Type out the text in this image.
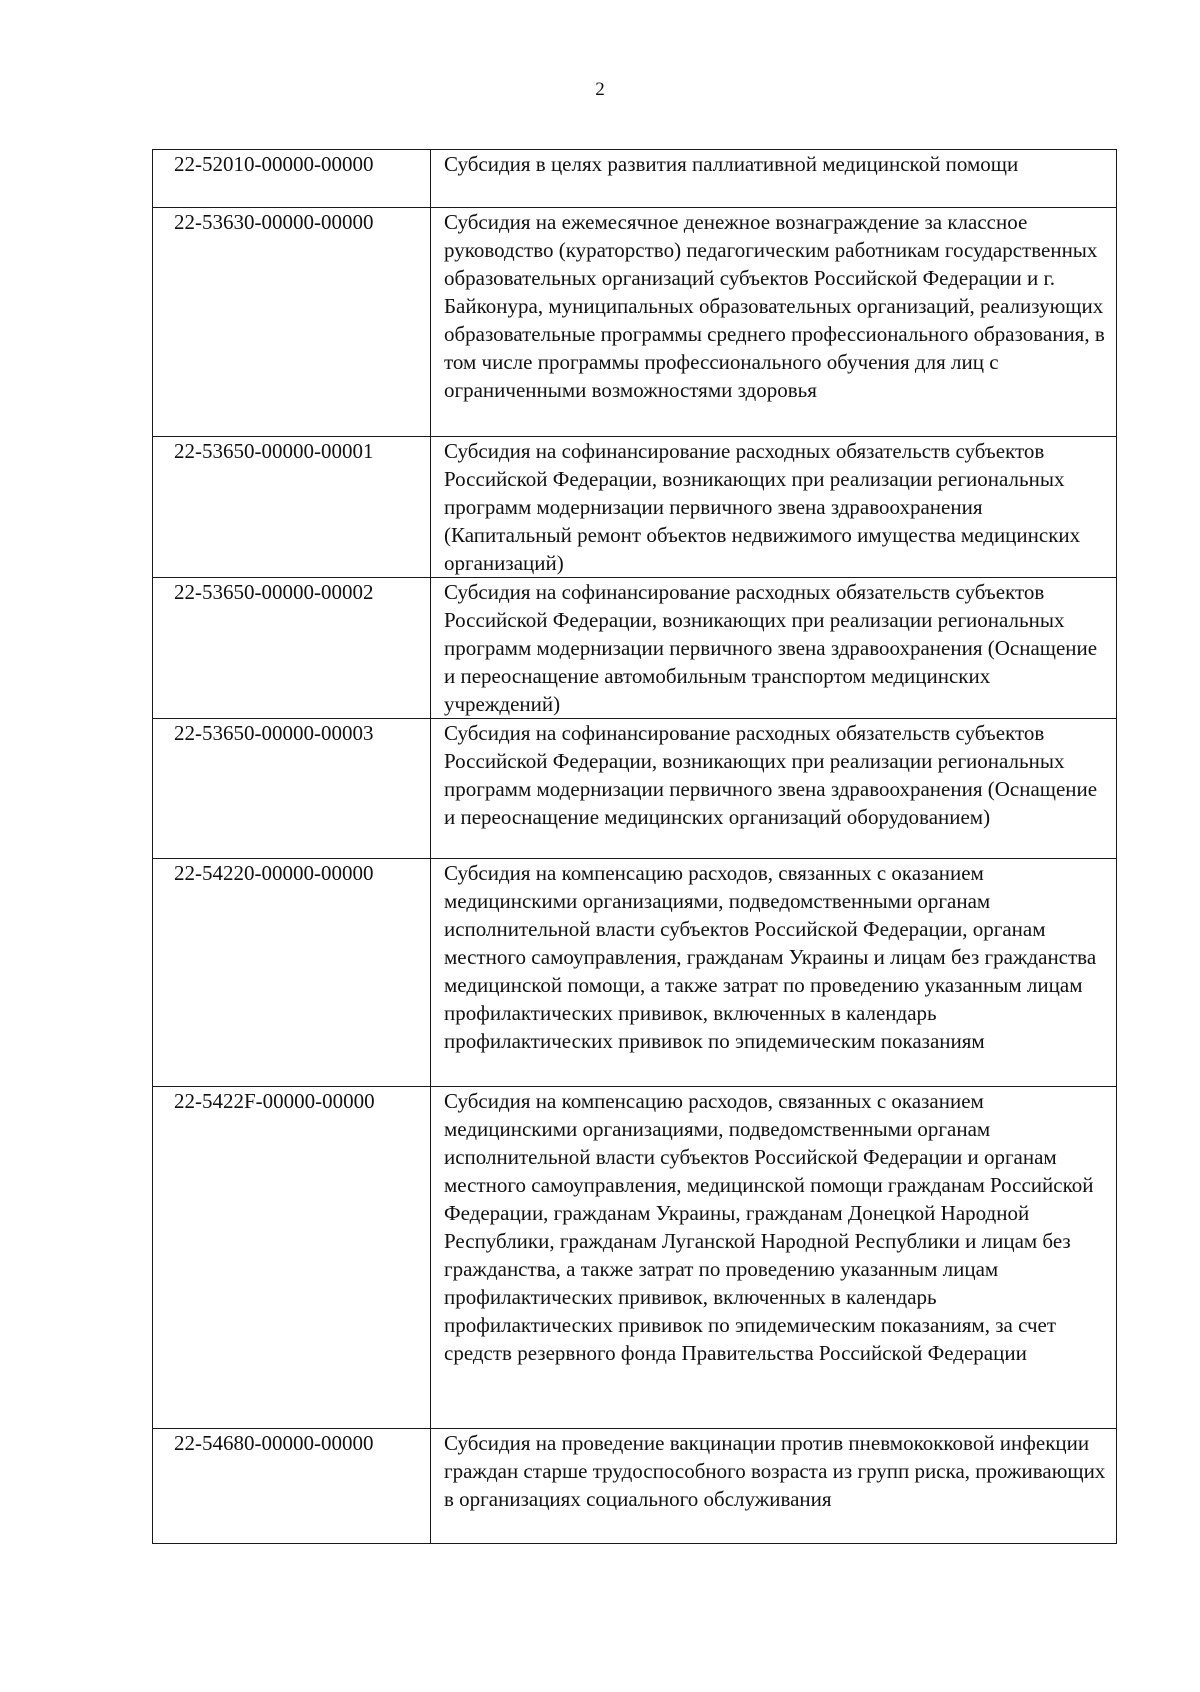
2
22-52010-00000-00000	Субсидия в целях развития паллиативной медицинской помощи
22-53630-00000-00000	Субсидия на ежемесячное денежное вознаграждение за классное руководство (кураторство) педагогическим работникам государственных образовательных организаций субъектов Российской Федерации и г. Байконура, муниципальных образовательных организаций, реализующих образовательные программы среднего профессионального образования, в том числе программы профессионального обучения для лиц с ограниченными возможностями здоровья
22-53650-00000-00001	Субсидия на софинансирование расходных обязательств субъектов Российской Федерации, возникающих при реализации региональных программ модернизации первичного звена здравоохранения (Капитальный ремонт объектов недвижимого имущества медицинских организаций)
22-53650-00000-00002	Субсидия на софинансирование расходных обязательств субъектов Российской Федерации, возникающих при реализации региональных программ модернизации первичного звена здравоохранения (Оснащение и переоснащение автомобильным транспортом медицинских учреждений)
22-53650-00000-00003	Субсидия на софинансирование расходных обязательств субъектов Российской Федерации, возникающих при реализации региональных программ модернизации первичного звена здравоохранения (Оснащение и переоснащение медицинских организаций оборудованием)
22-54220-00000-00000	Субсидия на компенсацию расходов, связанных с оказанием медицинскими организациями, подведомственными органам исполнительной власти субъектов Российской Федерации, органам местного самоуправления, гражданам Украины и лицам без гражданства медицинской помощи, а также затрат по проведению указанным лицам профилактических прививок, включенных в календарь профилактических прививок по эпидемическим показаниям
22-5422F-00000-00000	Субсидия на компенсацию расходов, связанных с оказанием медицинскими организациями, подведомственными органам исполнительной власти субъектов Российской Федерации и органам местного самоуправления, медицинской помощи гражданам Российской Федерации, гражданам Украины, гражданам Донецкой Народной Республики, гражданам Луганской Народной Республики и лицам без гражданства, а также затрат по проведению указанным лицам профилактических прививок, включенных в календарь профилактических прививок по эпидемическим показаниям, за счет средств резервного фонда Правительства Российской Федерации
22-54680-00000-00000	Субсидия на проведение вакцинации против пневмококковой инфекции граждан старше трудоспособного возраста из групп риска, проживающих в организациях социального обслуживания
